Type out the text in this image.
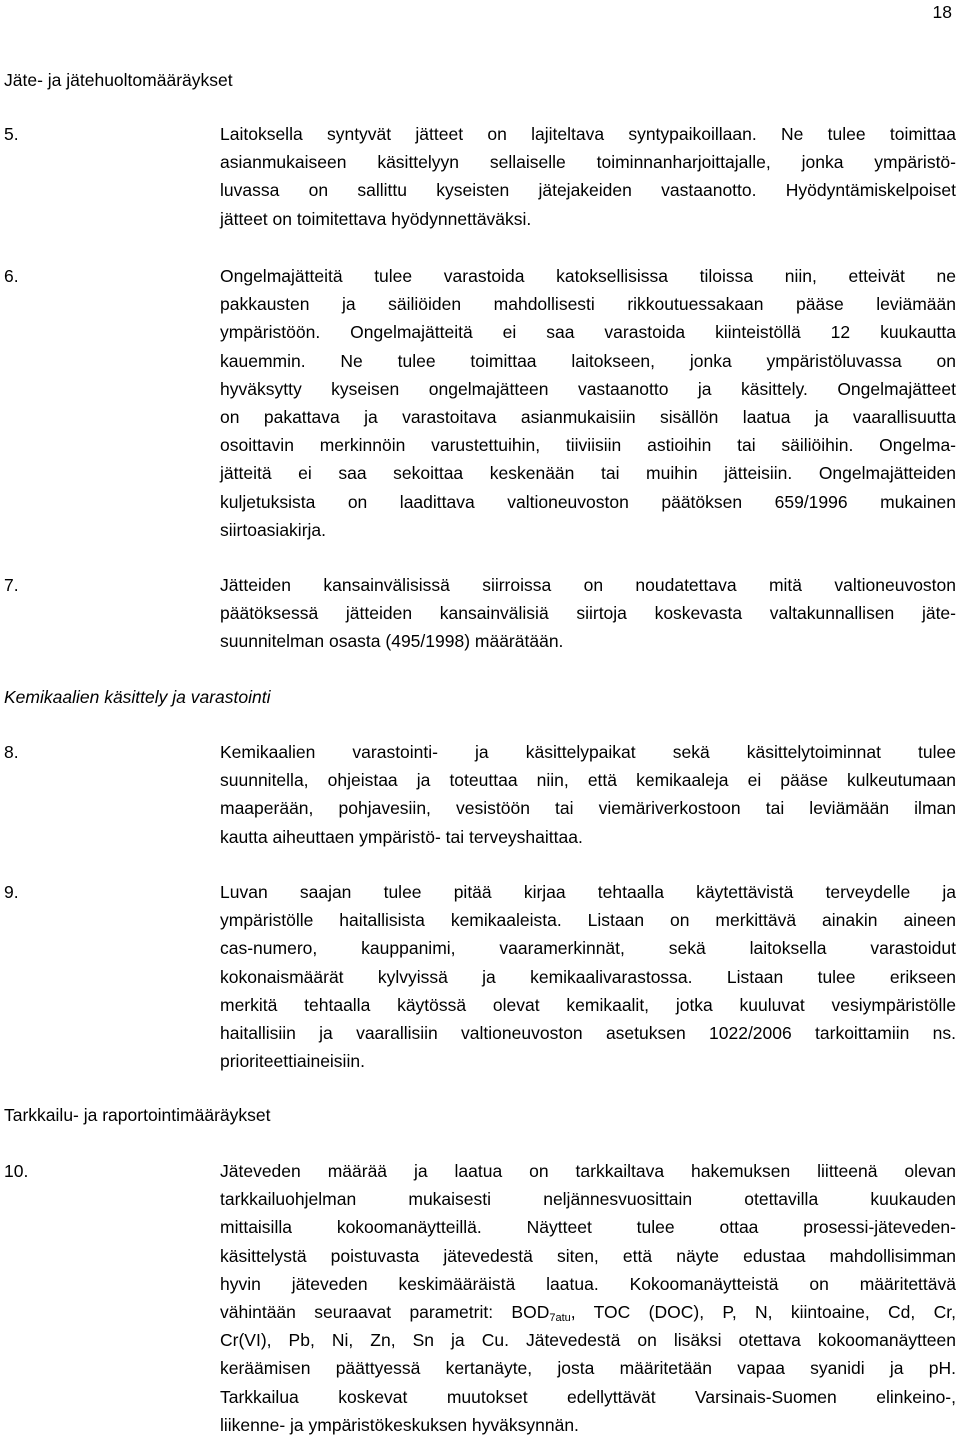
18
Jäte- ja jätehuoltomääräykset
5.	Laitoksella syntyvät jätteet on lajiteltava syntypaikoillaan. Ne tulee toimittaa
asianmukaiseen käsittelyyn sellaiselle toiminnanharjoittajalle, jonka ympäristö-
luvassa on sallittu kyseisten jätejakeiden vastaanotto. Hyödyntämiskelpoiset
jätteet on toimitettava hyödynnettäväksi.
6.	Ongelmajätteitä tulee varastoida katoksellisissa tiloissa niin, etteivät ne
pakkausten ja säiliöiden mahdollisesti rikkoutuessakaan pääse leviämään
ympäristöön. Ongelmajätteitä ei saa varastoida kiinteistöllä 12 kuukautta
kauemmin. Ne tulee toimittaa laitokseen, jonka ympäristöluvassa on
hyväksytty kyseisen ongelmajätteen vastaanotto ja käsittely. Ongelmajätteet
on pakattava ja varastoitava asianmukaisiin sisällön laatua ja vaarallisuutta
osoittavin merkinnöin varustettuihin, tiiviisiin astioihin tai säiliöihin. Ongelma-
jätteitä ei saa sekoittaa keskenään tai muihin jätteisiin. Ongelmajätteiden
kuljetuksista on laadittava valtioneuvoston päätöksen 659/1996 mukainen
siirtoasiakirja.
7.	Jätteiden kansainvälisissä siirroissa on noudatettava mitä valtioneuvoston
päätöksessä jätteiden kansainvälisiä siirtoja koskevasta valtakunnallisen jäte-
suunnitelman osasta (495/1998) määrätään.
Kemikaalien käsittely ja varastointi
8.	Kemikaalien varastointi- ja käsittelypaikat sekä käsittelytoiminnat tulee
suunnitella, ohjeistaa ja toteuttaa niin, että kemikaaleja ei pääse kulkeutumaan
maaperään, pohjavesiin, vesistöön tai viemäriverkostoon tai leviämään ilman
kautta aiheuttaen ympäristö- tai terveyshaittaa.
9.	Luvan saajan tulee pitää kirjaa tehtaalla käytettävistä terveydelle ja
ympäristölle haitallisista kemikaaleista. Listaan on merkittävä ainakin aineen
cas-numero, kauppanimi, vaaramerkinnät, sekä laitoksella varastoidut
kokonaismäärät kylvyissä ja kemikaalivarastossa. Listaan tulee erikseen
merkitä tehtaalla käytössä olevat kemikaalit, jotka kuuluvat vesiympäristölle
haitallisiin ja vaarallisiin valtioneuvoston asetuksen 1022/2006 tarkoittamiin ns.
prioriteettiaineisiin.
Tarkkailu- ja raportointimääräykset
10.	Jäteveden määrää ja laatua on tarkkailtava hakemuksen liitteenä olevan
tarkkailuohjelman mukaisesti neljännesvuosittain otettavilla kuukauden
mittaisilla kokoomanäytteillä. Näytteet tulee ottaa prosessi-jäteveden-
käsittelystä poistuvasta jätevedestä siten, että näyte edustaa mahdollisimman
hyvin jäteveden keskimääräistä laatua. Kokoomanäytteistä on määritettävä
vähintään seuraavat parametrit: $BOD_{7atu}$, TOC (DOC), P, N, kiintoaine, Cd, Cr,
Cr(VI), Pb, Ni, Zn, Sn ja Cu. Jätevedestä on lisäksi otettava kokoomanäytteen
keräämisen päättyessä kertanäyte, josta määritetään vapaa syanidi ja pH.
Tarkkailua koskevat muutokset edellyttävät Varsinais-Suomen elinkeino-,
liikenne- ja ympäristökeskuksen hyväksynnän.
